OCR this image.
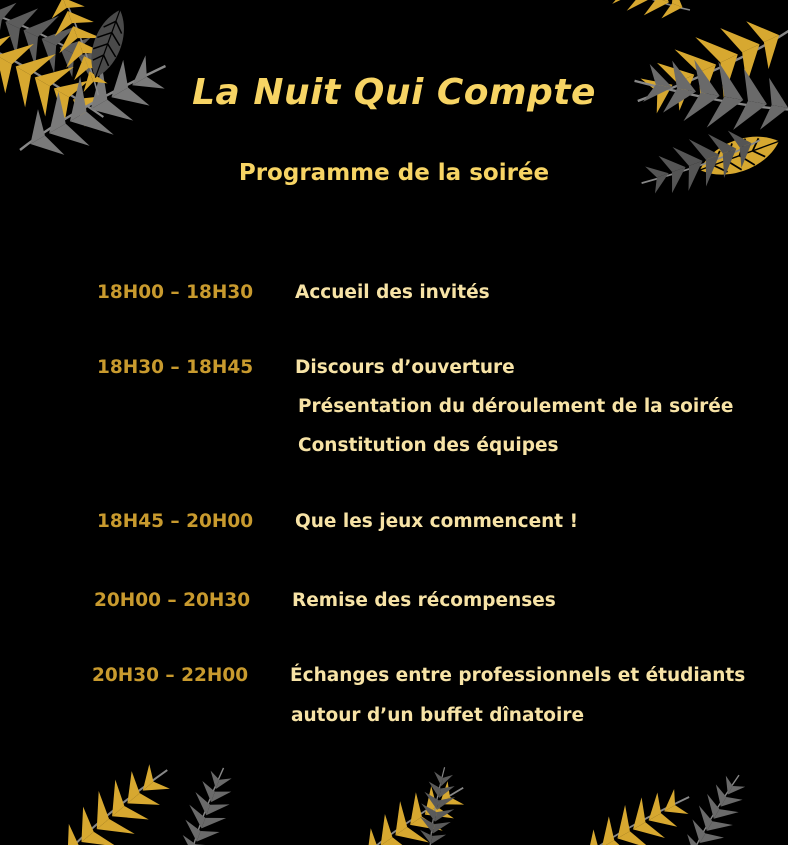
La Nuit Qui Compte
Programme de la soirée
18H00 – 18H30 Accueil des invités
18H30 – 18H45 Discours d’ouverture
Présentation du déroulement de la soirée
Constitution des équipes
18H45 – 20H00 Que les jeux commencent !
20H00 – 20H30 Remise des récompenses
20H30 – 22H00 Échanges entre professionnels et étudiants
autour d’un buffet dînatoire
